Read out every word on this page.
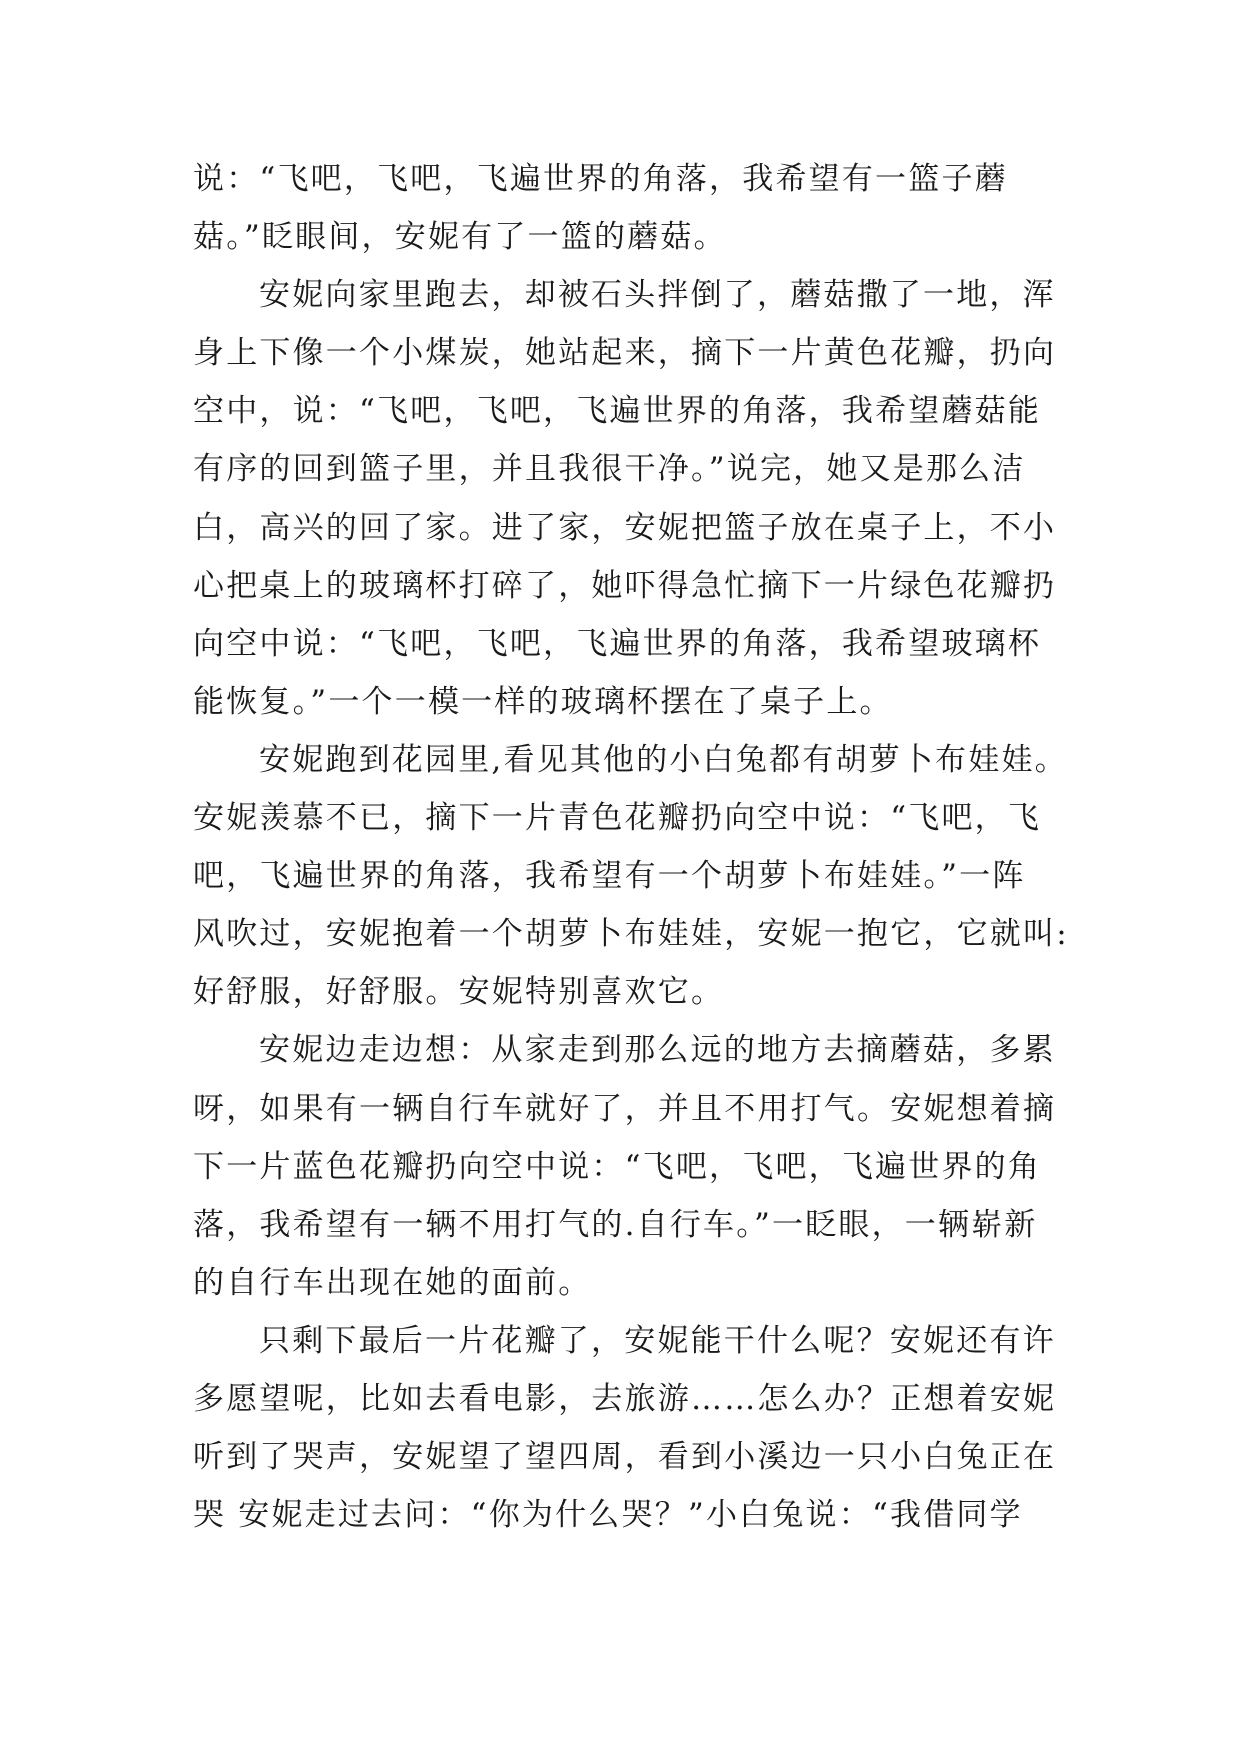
说：“飞吧，飞吧，飞遍世界的角落，我希望有一篮子蘑
菇。”眨眼间，安妮有了一篮的蘑菇。
安妮向家里跑去，却被石头拌倒了，蘑菇撒了一地，浑
身上下像一个小煤炭，她站起来，摘下一片黄色花瓣，扔向
空中，说：“飞吧，飞吧，飞遍世界的角落，我希望蘑菇能
有序的回到篮子里，并且我很干净。”说完，她又是那么洁
白，高兴的回了家。进了家，安妮把篮子放在桌子上，不小
心把桌上的玻璃杯打碎了，她吓得急忙摘下一片绿色花瓣扔
向空中说：“飞吧，飞吧，飞遍世界的角落，我希望玻璃杯
能恢复。”一个一模一样的玻璃杯摆在了桌子上。
安妮跑到花园里,看见其他的小白兔都有胡萝卜布娃娃。
安妮羡慕不已，摘下一片青色花瓣扔向空中说：“飞吧，飞
吧，飞遍世界的角落，我希望有一个胡萝卜布娃娃。”一阵
风吹过，安妮抱着一个胡萝卜布娃娃，安妮一抱它，它就叫:
好舒服，好舒服。安妮特别喜欢它。
安妮边走边想：从家走到那么远的地方去摘蘑菇，多累
呀，如果有一辆自行车就好了，并且不用打气。安妮想着摘
下一片蓝色花瓣扔向空中说：“飞吧，飞吧，飞遍世界的角
落，我希望有一辆不用打气的.自行车。”一眨眼，一辆崭新
的自行车出现在她的面前。
只剩下最后一片花瓣了，安妮能干什么呢？安妮还有许
多愿望呢，比如去看电影，去旅游……怎么办？正想着安妮
听到了哭声，安妮望了望四周，看到小溪边一只小白兔正在
哭 安妮走过去问：“你为什么哭？”小白兔说：“我借同学
